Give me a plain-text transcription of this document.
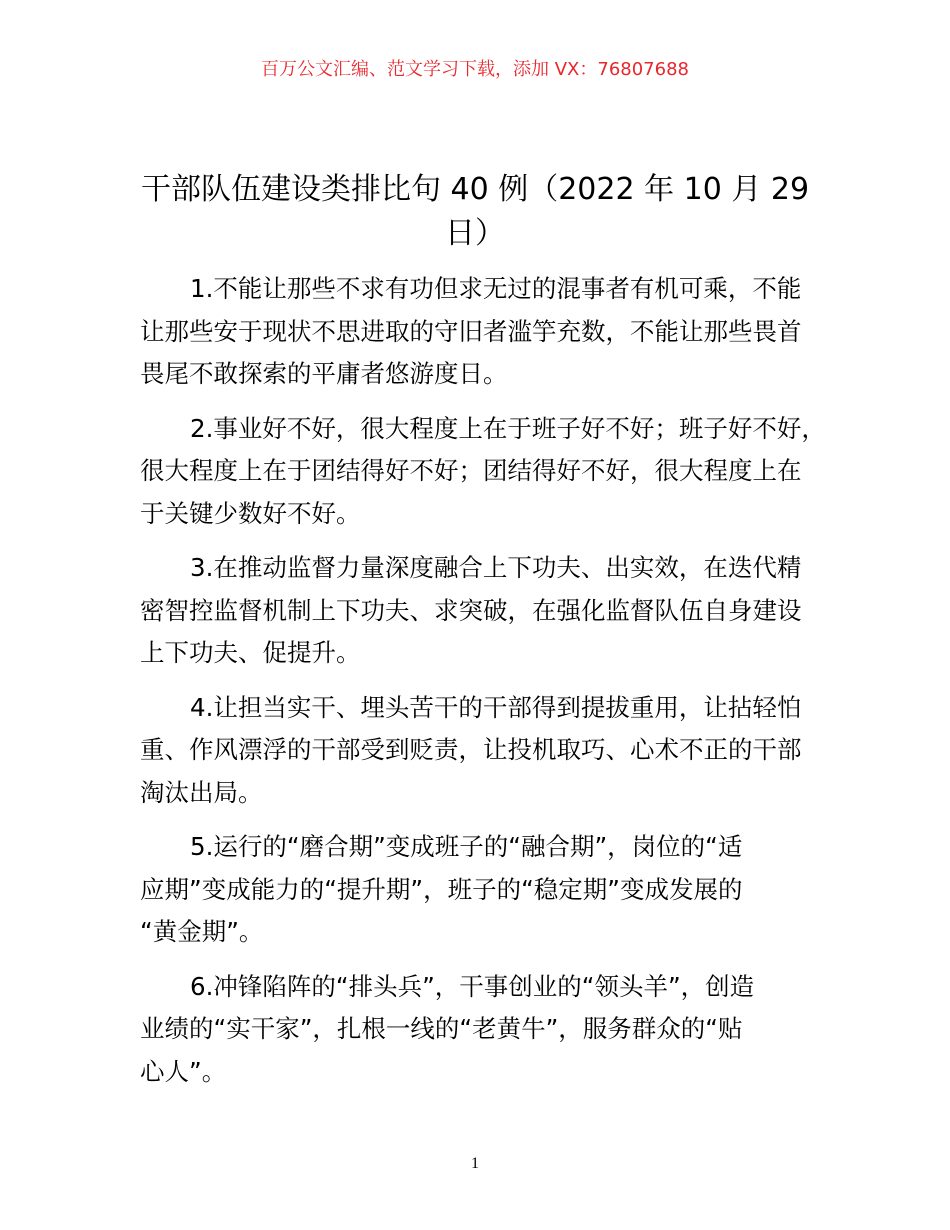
百万公文汇编、范文学习下载，添加 VX：76807688
干部队伍建设类排比句 40 例（2022 年 10 月 29
日）
1.不能让那些不求有功但求无过的混事者有机可乘，不能
让那些安于现状不思进取的守旧者滥竽充数，不能让那些畏首
畏尾不敢探索的平庸者悠游度日。
2.事业好不好，很大程度上在于班子好不好；班子好不好，
很大程度上在于团结得好不好；团结得好不好，很大程度上在
于关键少数好不好。
3.在推动监督力量深度融合上下功夫、出实效，在迭代精
密智控监督机制上下功夫、求突破，在强化监督队伍自身建设
上下功夫、促提升。
4.让担当实干、埋头苦干的干部得到提拔重用，让拈轻怕
重、作风漂浮的干部受到贬责，让投机取巧、心术不正的干部
淘汰出局。
5.运行的“磨合期”变成班子的“融合期”，岗位的“适
应期”变成能力的“提升期”，班子的“稳定期”变成发展的
“黄金期”。
6.冲锋陷阵的“排头兵”，干事创业的“领头羊”，创造
业绩的“实干家”，扎根一线的“老黄牛”，服务群众的“贴
心人”。
1
